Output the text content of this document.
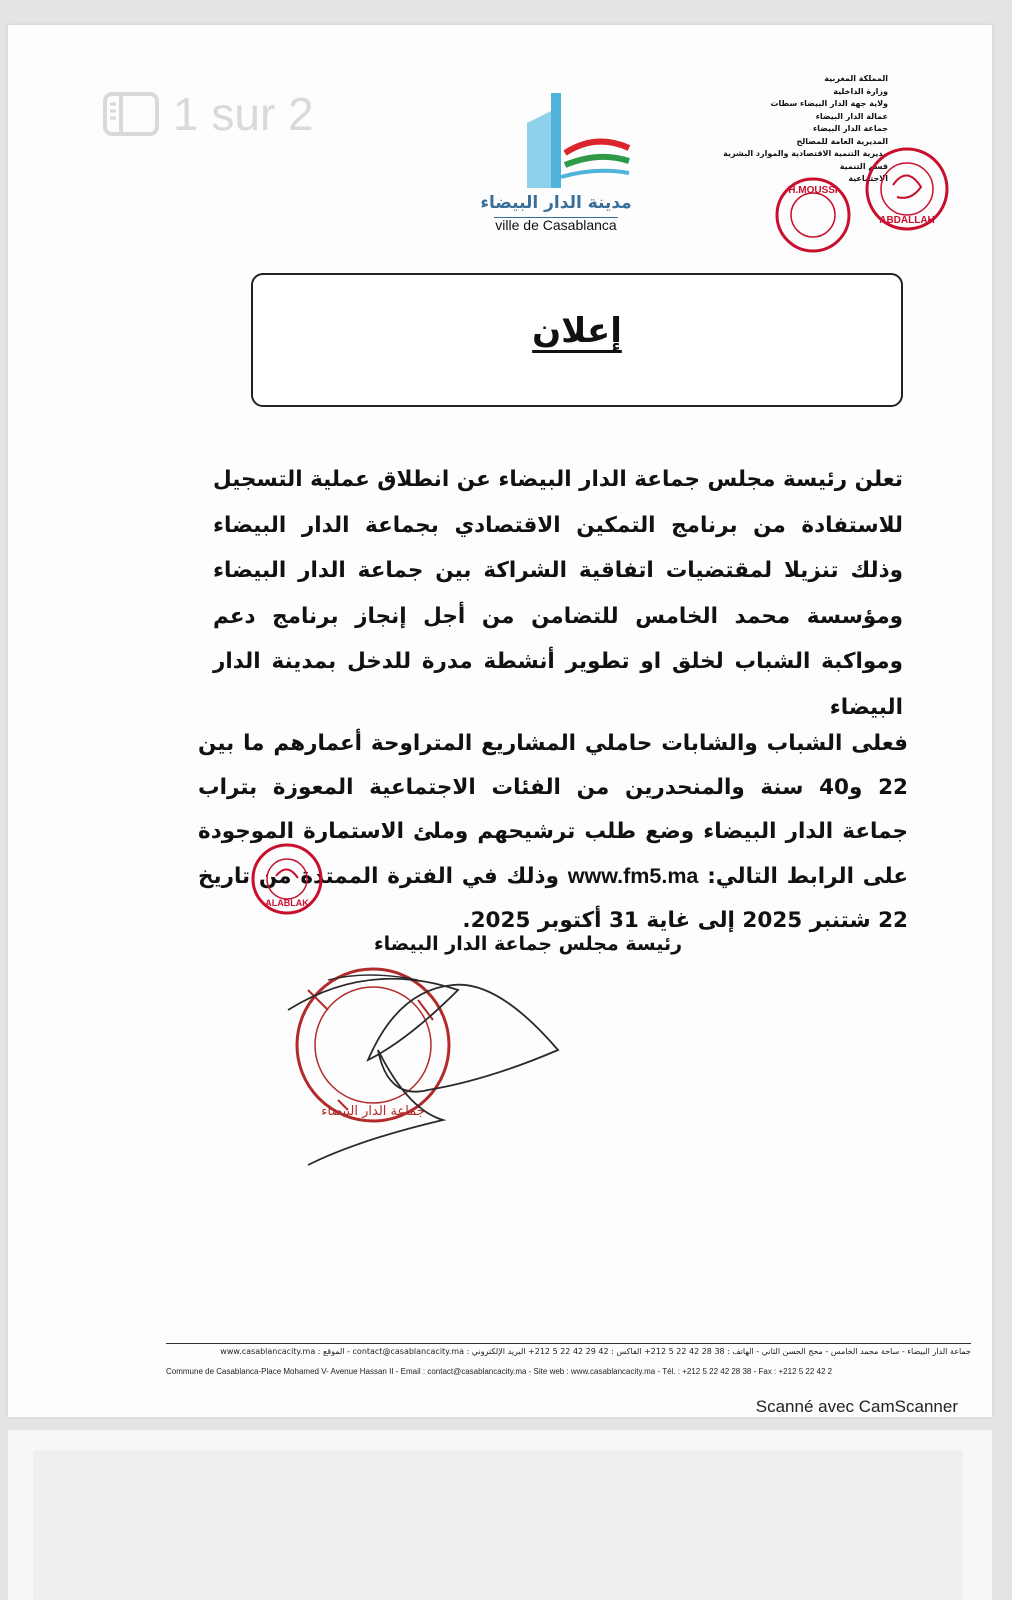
1 sur 2
مدينة الدار البيضاء
ville de Casablanca
المملكة المغربية
وزارة الداخلية
ولاية جهة الدار البيضاء سطات
عمالة الدار البيضاء
جماعة الدار البيضاء
المديرية العامة للمصالح
مديرية التنمية الاقتصادية والموارد البشرية
قسم التنمية
الاجتماعية
H.MOUSSI
ABDALLAH
إعلان
تعلن رئيسة مجلس جماعة الدار البيضاء عن انطلاق عملية التسجيل للاستفادة من برنامج التمكين الاقتصادي بجماعة الدار البيضاء وذلك تنزيلا لمقتضيات اتفاقية الشراكة بين جماعة الدار البيضاء ومؤسسة محمد الخامس للتضامن من أجل إنجاز برنامج دعم ومواكبة الشباب لخلق او تطوير أنشطة مدرة للدخل بمدينة الدار البيضاء
فعلى الشباب والشابات حاملي المشاريع المتراوحة أعمارهم ما بين 22 و40 سنة والمنحدرين من الفئات الاجتماعية المعوزة بتراب جماعة الدار البيضاء وضع طلب ترشيحهم وملئ الاستمارة الموجودة على الرابط التالي: www.fm5.ma وذلك في الفترة الممتدة من تاريخ 22 شتنبر 2025 إلى غاية 31 أكتوبر 2025.
ALABLAK
رئيسة مجلس جماعة الدار البيضاء
جماعة الدار البيضاء
جماعة الدار البيضاء - ساحة محمد الخامس - محج الحسن الثاني - الهاتف : 38 28 42 22 5 212+ الفاكس : 42 29 42 22 5 212+ البريد الإلكتروني : contact@casablancacity.ma - الموقع : www.casablancacity.ma
Commune de Casablanca-Place Mohamed V- Avenue Hassan II - Email : contact@casablancacity.ma - Site web : www.casablancacity.ma - Tél. : +212 5 22 42 28 38 - Fax : +212 5 22 42 2
Scanné avec CamScanner
